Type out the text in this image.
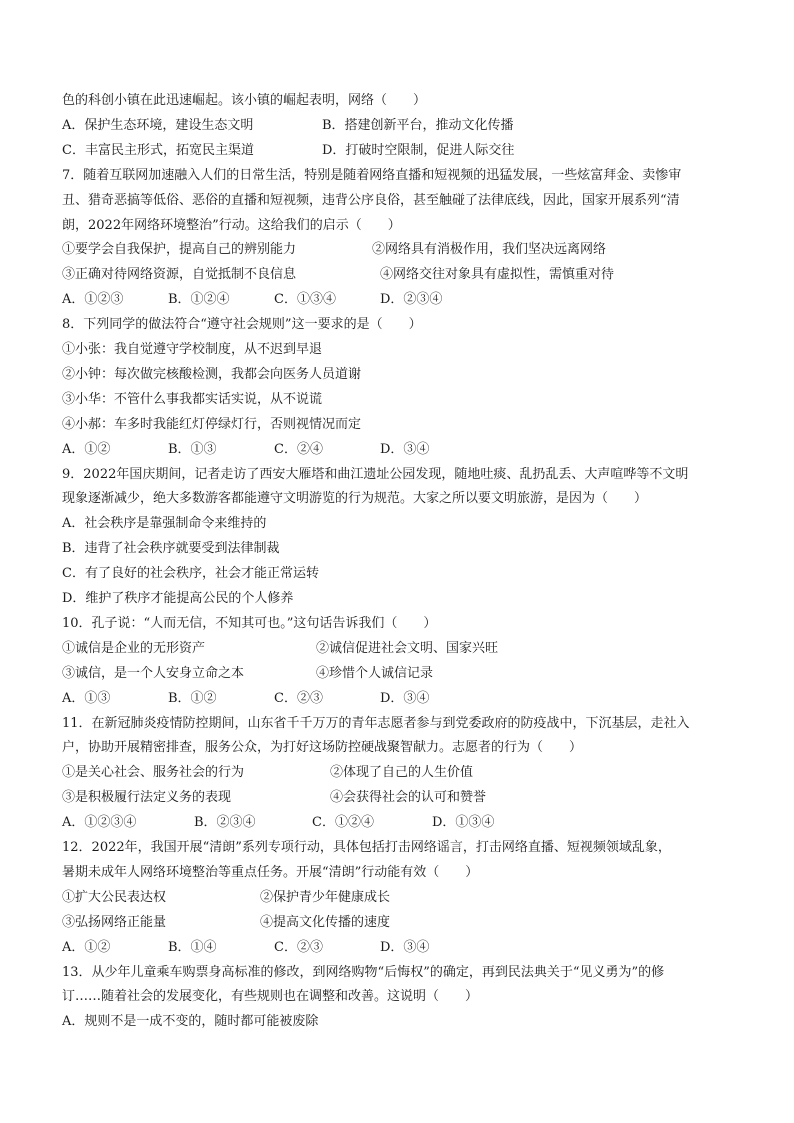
色的科创小镇在此迅速崛起。该小镇的崛起表明，网络（　　）
A．保护生态环境，建设生态文明	B．搭建创新平台，推动文化传播
C．丰富民主形式，拓宽民主渠道	D．打破时空限制，促进人际交往
7．随着互联网加速融入人们的日常生活，特别是随着网络直播和短视频的迅猛发展，一些炫富拜金、卖惨审
丑、猎奇恶搞等低俗、恶俗的直播和短视频，违背公序良俗，甚至触碰了法律底线，因此，国家开展系列“清
朗，2022年网络环境整治”行动。这给我们的启示（　　）
①要学会自我保护，提高自己的辨别能力	②网络具有消极作用，我们坚决远离网络
③正确对待网络资源，自觉抵制不良信息	④网络交往对象具有虚拟性，需慎重对待
A．①②③	B．①②④	C．①③④	D．②③④
8．下列同学的做法符合“遵守社会规则”这一要求的是（　　）
①小张：我自觉遵守学校制度，从不迟到早退
②小钟：每次做完核酸检测，我都会向医务人员道谢
③小华：不管什么事我都实话实说，从不说谎
④小郝：车多时我能红灯停绿灯行，否则视情况而定
A．①②	B．①③	C．②④	D．③④
9．2022年国庆期间，记者走访了西安大雁塔和曲江遗址公园发现，随地吐痰、乱扔乱丢、大声喧哗等不文明
现象逐渐减少，绝大多数游客都能遵守文明游览的行为规范。大家之所以要文明旅游，是因为（　　）
A．社会秩序是靠强制命令来维持的
B．违背了社会秩序就要受到法律制裁
C．有了良好的社会秩序，社会才能正常运转
D．维护了秩序才能提高公民的个人修养
10．孔子说：“人而无信，不知其可也。”这句话告诉我们（　　）
①诚信是企业的无形资产	②诚信促进社会文明、国家兴旺
③诚信，是一个人安身立命之本	④珍惜个人诚信记录
A．①③	B．①②	C．②③	D．③④
11．在新冠肺炎疫情防控期间，山东省千千万万的青年志愿者参与到党委政府的防疫战中，下沉基层，走社入
户，协助开展精密排查，服务公众，为打好这场防控硬战聚智献力。志愿者的行为（　　）
①是关心社会、服务社会的行为	②体现了自己的人生价值
③是积极履行法定义务的表现	④会获得社会的认可和赞誉
A．①②③④	B．②③④	C．①②④	D．①③④
12．2022年，我国开展“清朗”系列专项行动，具体包括打击网络谣言，打击网络直播、短视频领域乱象，
暑期未成年人网络环境整治等重点任务。开展“清朗”行动能有效（　　）
①扩大公民表达权	②保护青少年健康成长
③弘扬网络正能量	④提高文化传播的速度
A．①②	B．①④	C．②③	D．③④
13．从少年儿童乘车购票身高标准的修改，到网络购物“后悔权”的确定，再到民法典关于“见义勇为”的修
订……随着社会的发展变化，有些规则也在调整和改善。这说明（　　）
A．规则不是一成不变的，随时都可能被废除
